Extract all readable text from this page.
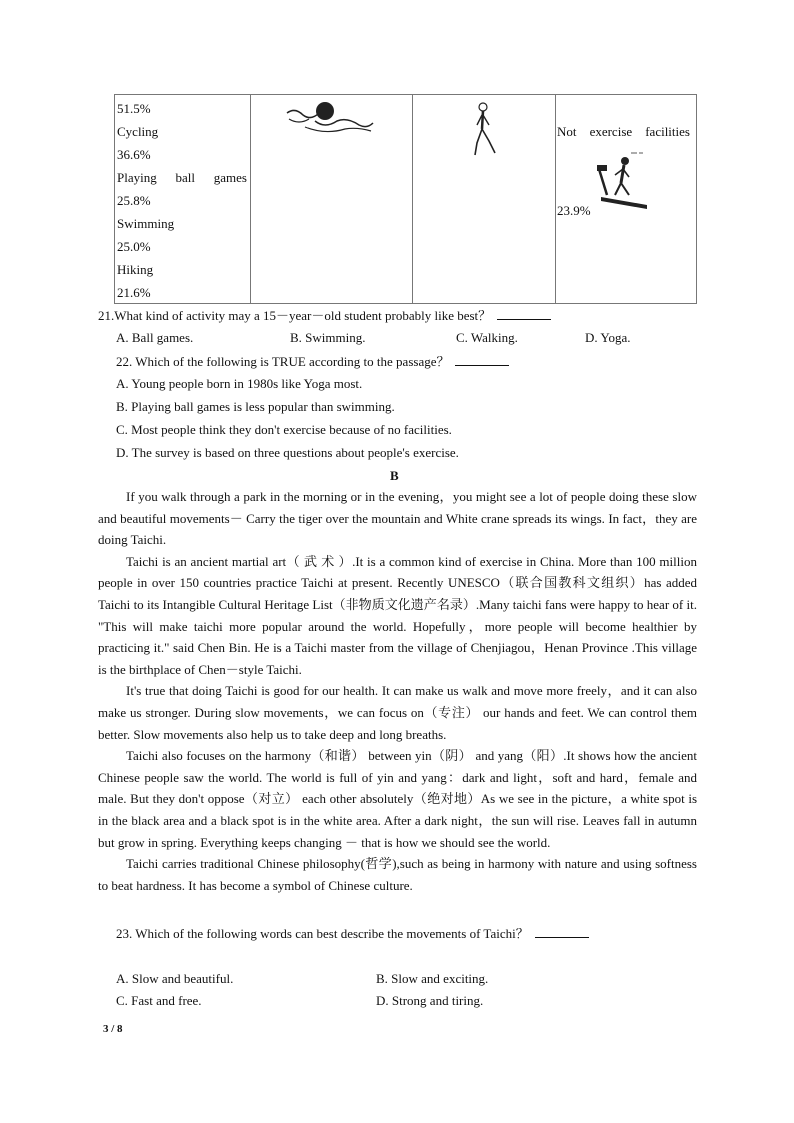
51.5%
Cycling
36.6%
Playing ball games
25.8%
Swimming
25.0%
Hiking
21.6%
Not exercise facilities
23.9%
21.What kind of activity may a 15－year－old student probably like best？
A. Ball games.	B. Swimming.	C. Walking.	D. Yoga.
22. Which of the following is TRUE according to the passage？
A. Young people born in 1980s like Yoga most.
B. Playing ball games is less popular than swimming.
C. Most people think they don't exercise because of no facilities.
D. The survey is based on three questions about people's exercise.
B

If you walk through a park in the morning or in the evening，you might see a lot of people doing these slow and beautiful movements－ Carry the tiger over the mountain and White crane spreads its wings. In fact，they are doing Taichi.

Taichi is an ancient martial art（ 武 术 ）.It is a common kind of exercise in China. More than 100 million people in over 150 countries practice Taichi at present. Recently UNESCO（联合国教科文组织）has added Taichi to its Intangible Cultural Heritage List（非物质文化遗产名录）.Many taichi fans were happy to hear of it. "This will make taichi more popular around the world. Hopefully，more people will become healthier by practicing it." said Chen Bin. He is a Taichi master from the village of Chenjiagou，Henan Province .This village is the birthplace of Chen－style Taichi.

It's true that doing Taichi is good for our health. It can make us walk and move more freely，and it can also make us stronger. During slow movements，we can focus on（专注） our hands and feet. We can control them better. Slow movements also help us to take deep and long breaths.

Taichi also focuses on the harmony（和谐） between yin（阴） and yang（阳）.It shows how the ancient Chinese people saw the world. The world is full of yin and yang：dark and light，soft and hard，female and male. But they don't oppose（对立） each other absolutely（绝对地）As we see in the picture，a white spot is in the black area and a black spot is in the white area. After a dark night，the sun will rise. Leaves fall in autumn but grow in spring. Everything keeps changing － that is how we should see the world.

Taichi carries traditional Chinese philosophy(哲学),such as being in harmony with nature and using softness to beat hardness. It has become a symbol of Chinese culture.

23. Which of the following words can best describe the movements of Taichi？
A. Slow and beautiful.	B. Slow and exciting.
C. Fast and free.	D. Strong and tiring.
3 / 8
